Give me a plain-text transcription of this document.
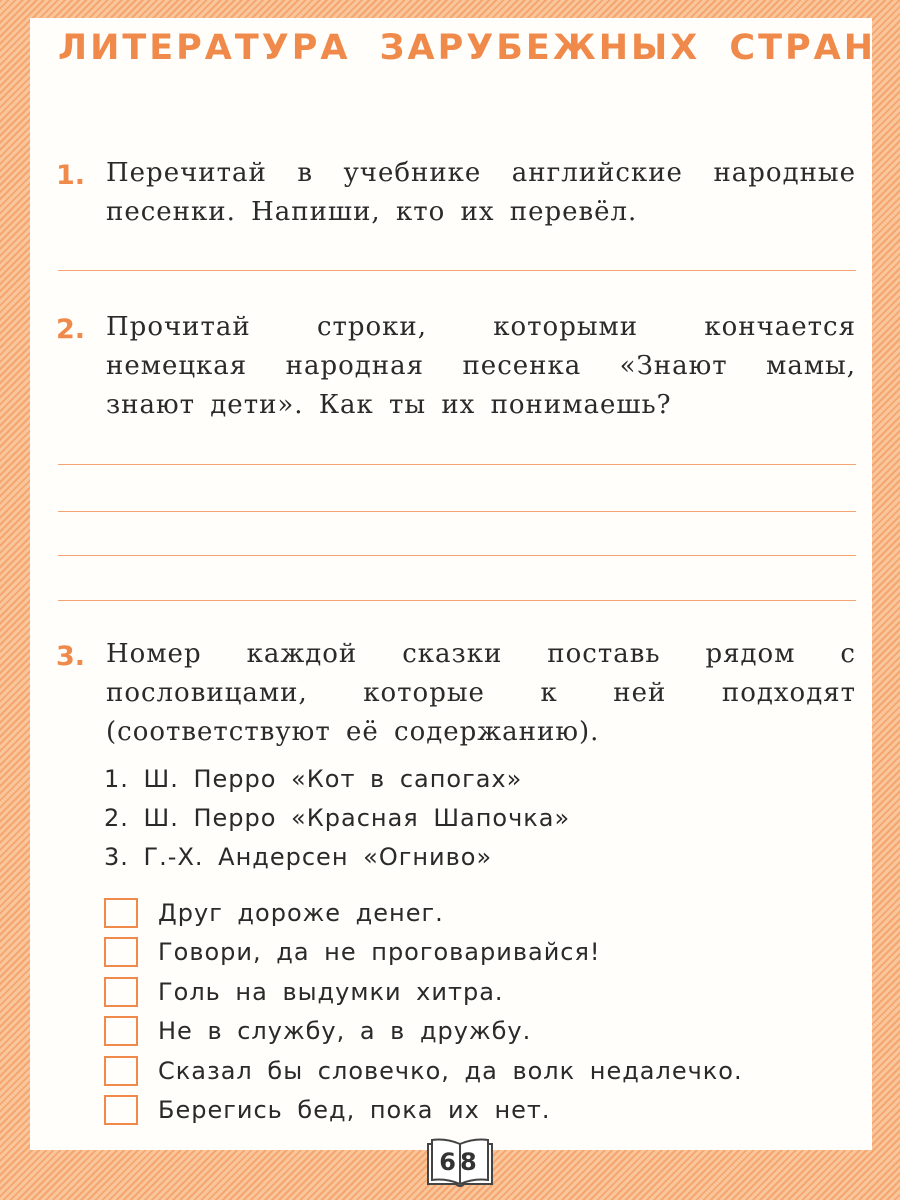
ЛИТЕРАТУРА ЗАРУБЕЖНЫХ СТРАН
1. Перечитай в учебнике английские народные песенки. Напиши, кто их перевёл.
2. Прочитай строки, которыми кончается немецкая народная песенка «Знают мамы, знают дети». Как ты их понимаешь?
3. Номер каждой сказки поставь рядом с пословицами, которые к ней подходят (соответствуют её содержанию).
1. Ш. Перро «Кот в сапогах»
2. Ш. Перро «Красная Шапочка»
3. Г.-Х. Андерсен «Огниво»
Друг дороже денег.
Говори, да не проговаривайся!
Голь на выдумки хитра.
Не в службу, а в дружбу.
Сказал бы словечко, да волк недалечко.
Берегись бед, пока их нет.
68
